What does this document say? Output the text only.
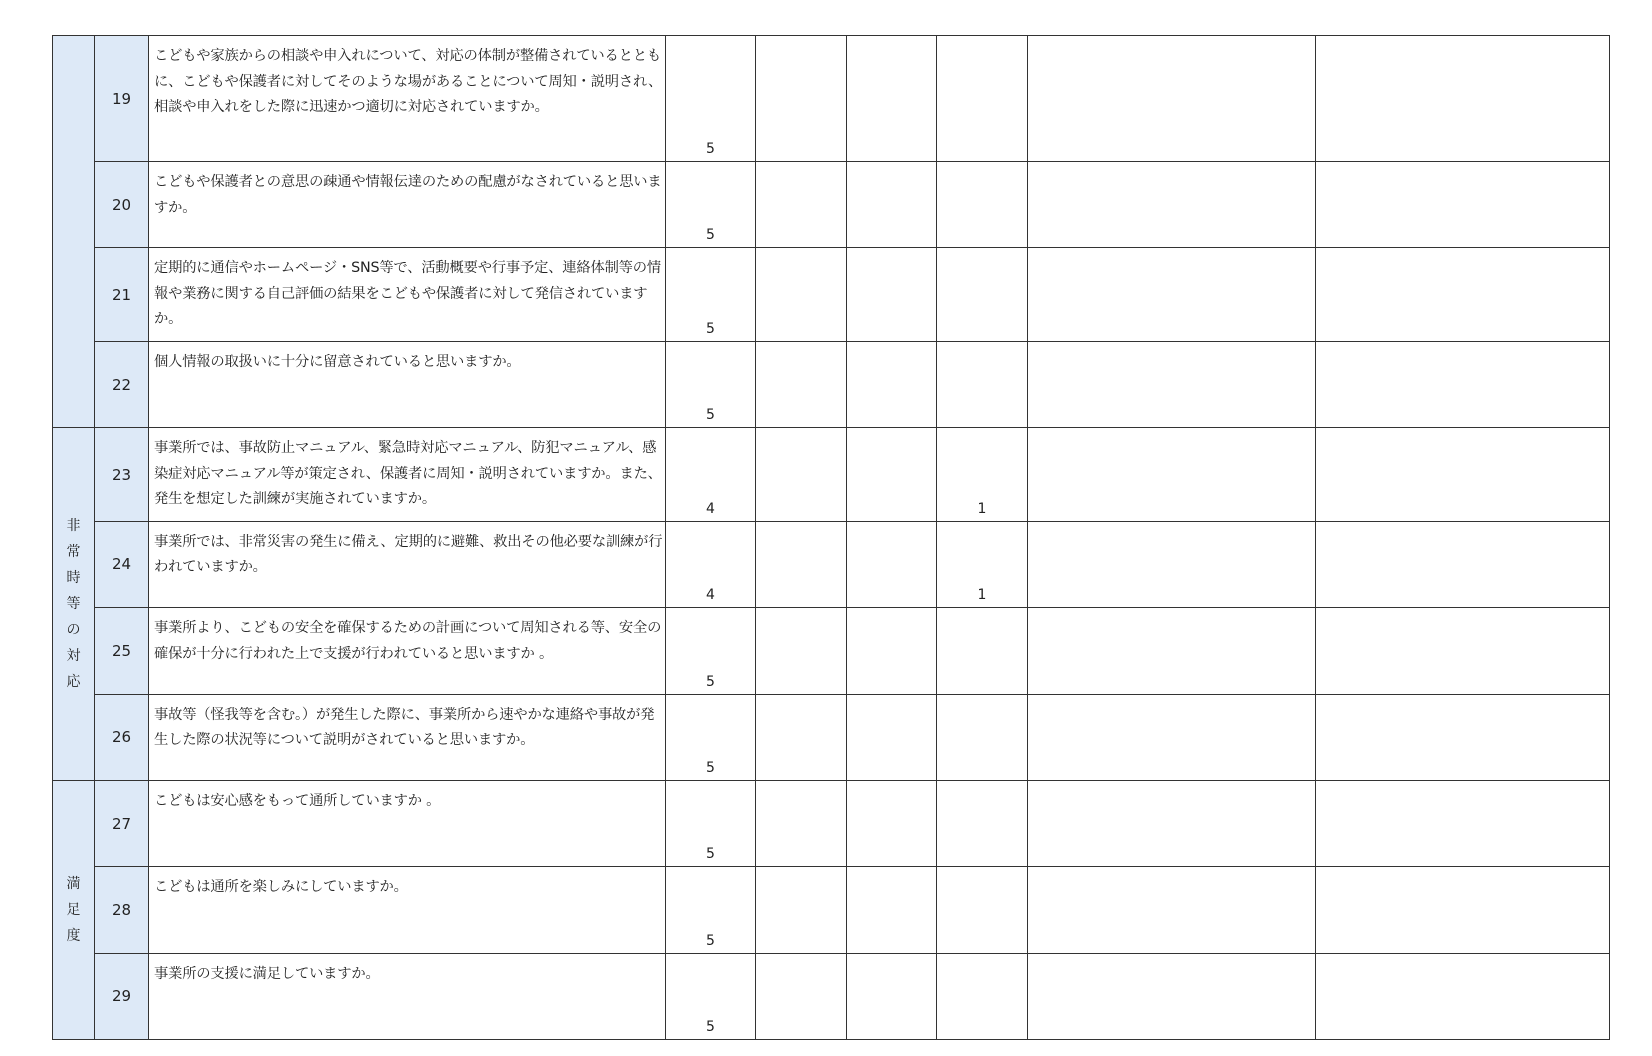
	19	こどもや家族からの相談や申入れについて、対応の体制が整備されているとともに、こどもや保護者に対してそのような場があることについて周知・説明され、相談や申入れをした際に迅速かつ適切に対応されていますか。	5					
	20	こどもや保護者との意思の疎通や情報伝達のための配慮がなされていると思いますか。	5					
	21	定期的に通信やホームページ・SNS等で、活動概要や行事予定、連絡体制等の情報や業務に関する自己評価の結果をこどもや保護者に対して発信されていますか。	5					
	22	個人情報の取扱いに十分に留意されていると思いますか。	5					
非常時等の対応	23	事業所では、事故防止マニュアル、緊急時対応マニュアル、防犯マニュアル、感染症対応マニュアル等が策定され、保護者に周知・説明されていますか。また、発生を想定した訓練が実施されていますか。	4			1		
	24	事業所では、非常災害の発生に備え、定期的に避難、救出その他必要な訓練が行われていますか。	4			1		
	25	事業所より、こどもの安全を確保するための計画について周知される等、安全の確保が十分に行われた上で支援が行われていると思いますか 。	5					
	26	事故等（怪我等を含む。）が発生した際に、事業所から速やかな連絡や事故が発生した際の状況等について説明がされていると思いますか。	5					
満足度	27	こどもは安心感をもって通所していますか 。	5					
	28	こどもは通所を楽しみにしていますか。	5					
	29	事業所の支援に満足していますか。	5					
